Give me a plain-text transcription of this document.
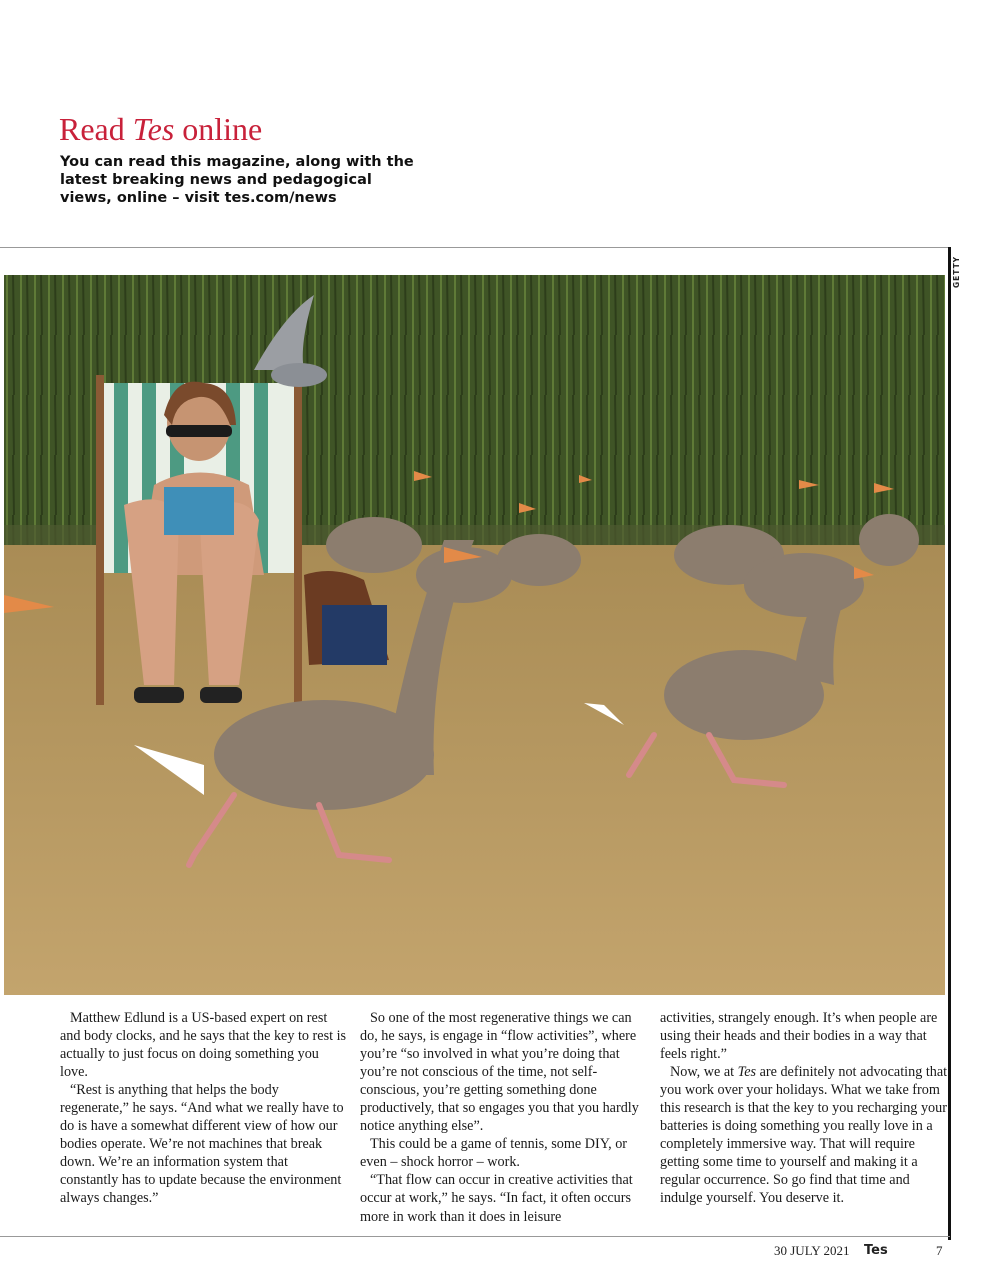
Read Tes online
You can read this magazine, along with the latest breaking news and pedagogical views, online – visit tes.com/news
GETTY

Matthew Edlund is a US-based expert on rest and body clocks, and he says that the key to rest is actually to just focus on doing something you love.

“Rest is anything that helps the body regenerate,” he says. “And what we really have to do is have a somewhat different view of how our bodies operate. We’re not machines that break down. We’re an information system that constantly has to update because the environment always changes.”

So one of the most regenerative things we can do, he says, is engage in “flow activities”, where you’re “so involved in what you’re doing that you’re not conscious of the time, not self-conscious, you’re getting something done productively, that so engages you that you hardly notice anything else”.

This could be a game of tennis, some DIY, or even – shock horror – work.

“That flow can occur in creative activities that occur at work,” he says. “In fact, it often occurs more in work than it does in leisure

activities, strangely enough. It’s when people are using their heads and their bodies in a way that feels right.”

Now, we at Tes are definitely not advocating that you work over your holidays. What we take from this research is that the key to you recharging your batteries is doing something you really love in a completely immersive way. That will require getting some time to yourself and making it a regular occurrence. So go find that time and indulge yourself. You deserve it.

30 JULY 2021 Tes	7
